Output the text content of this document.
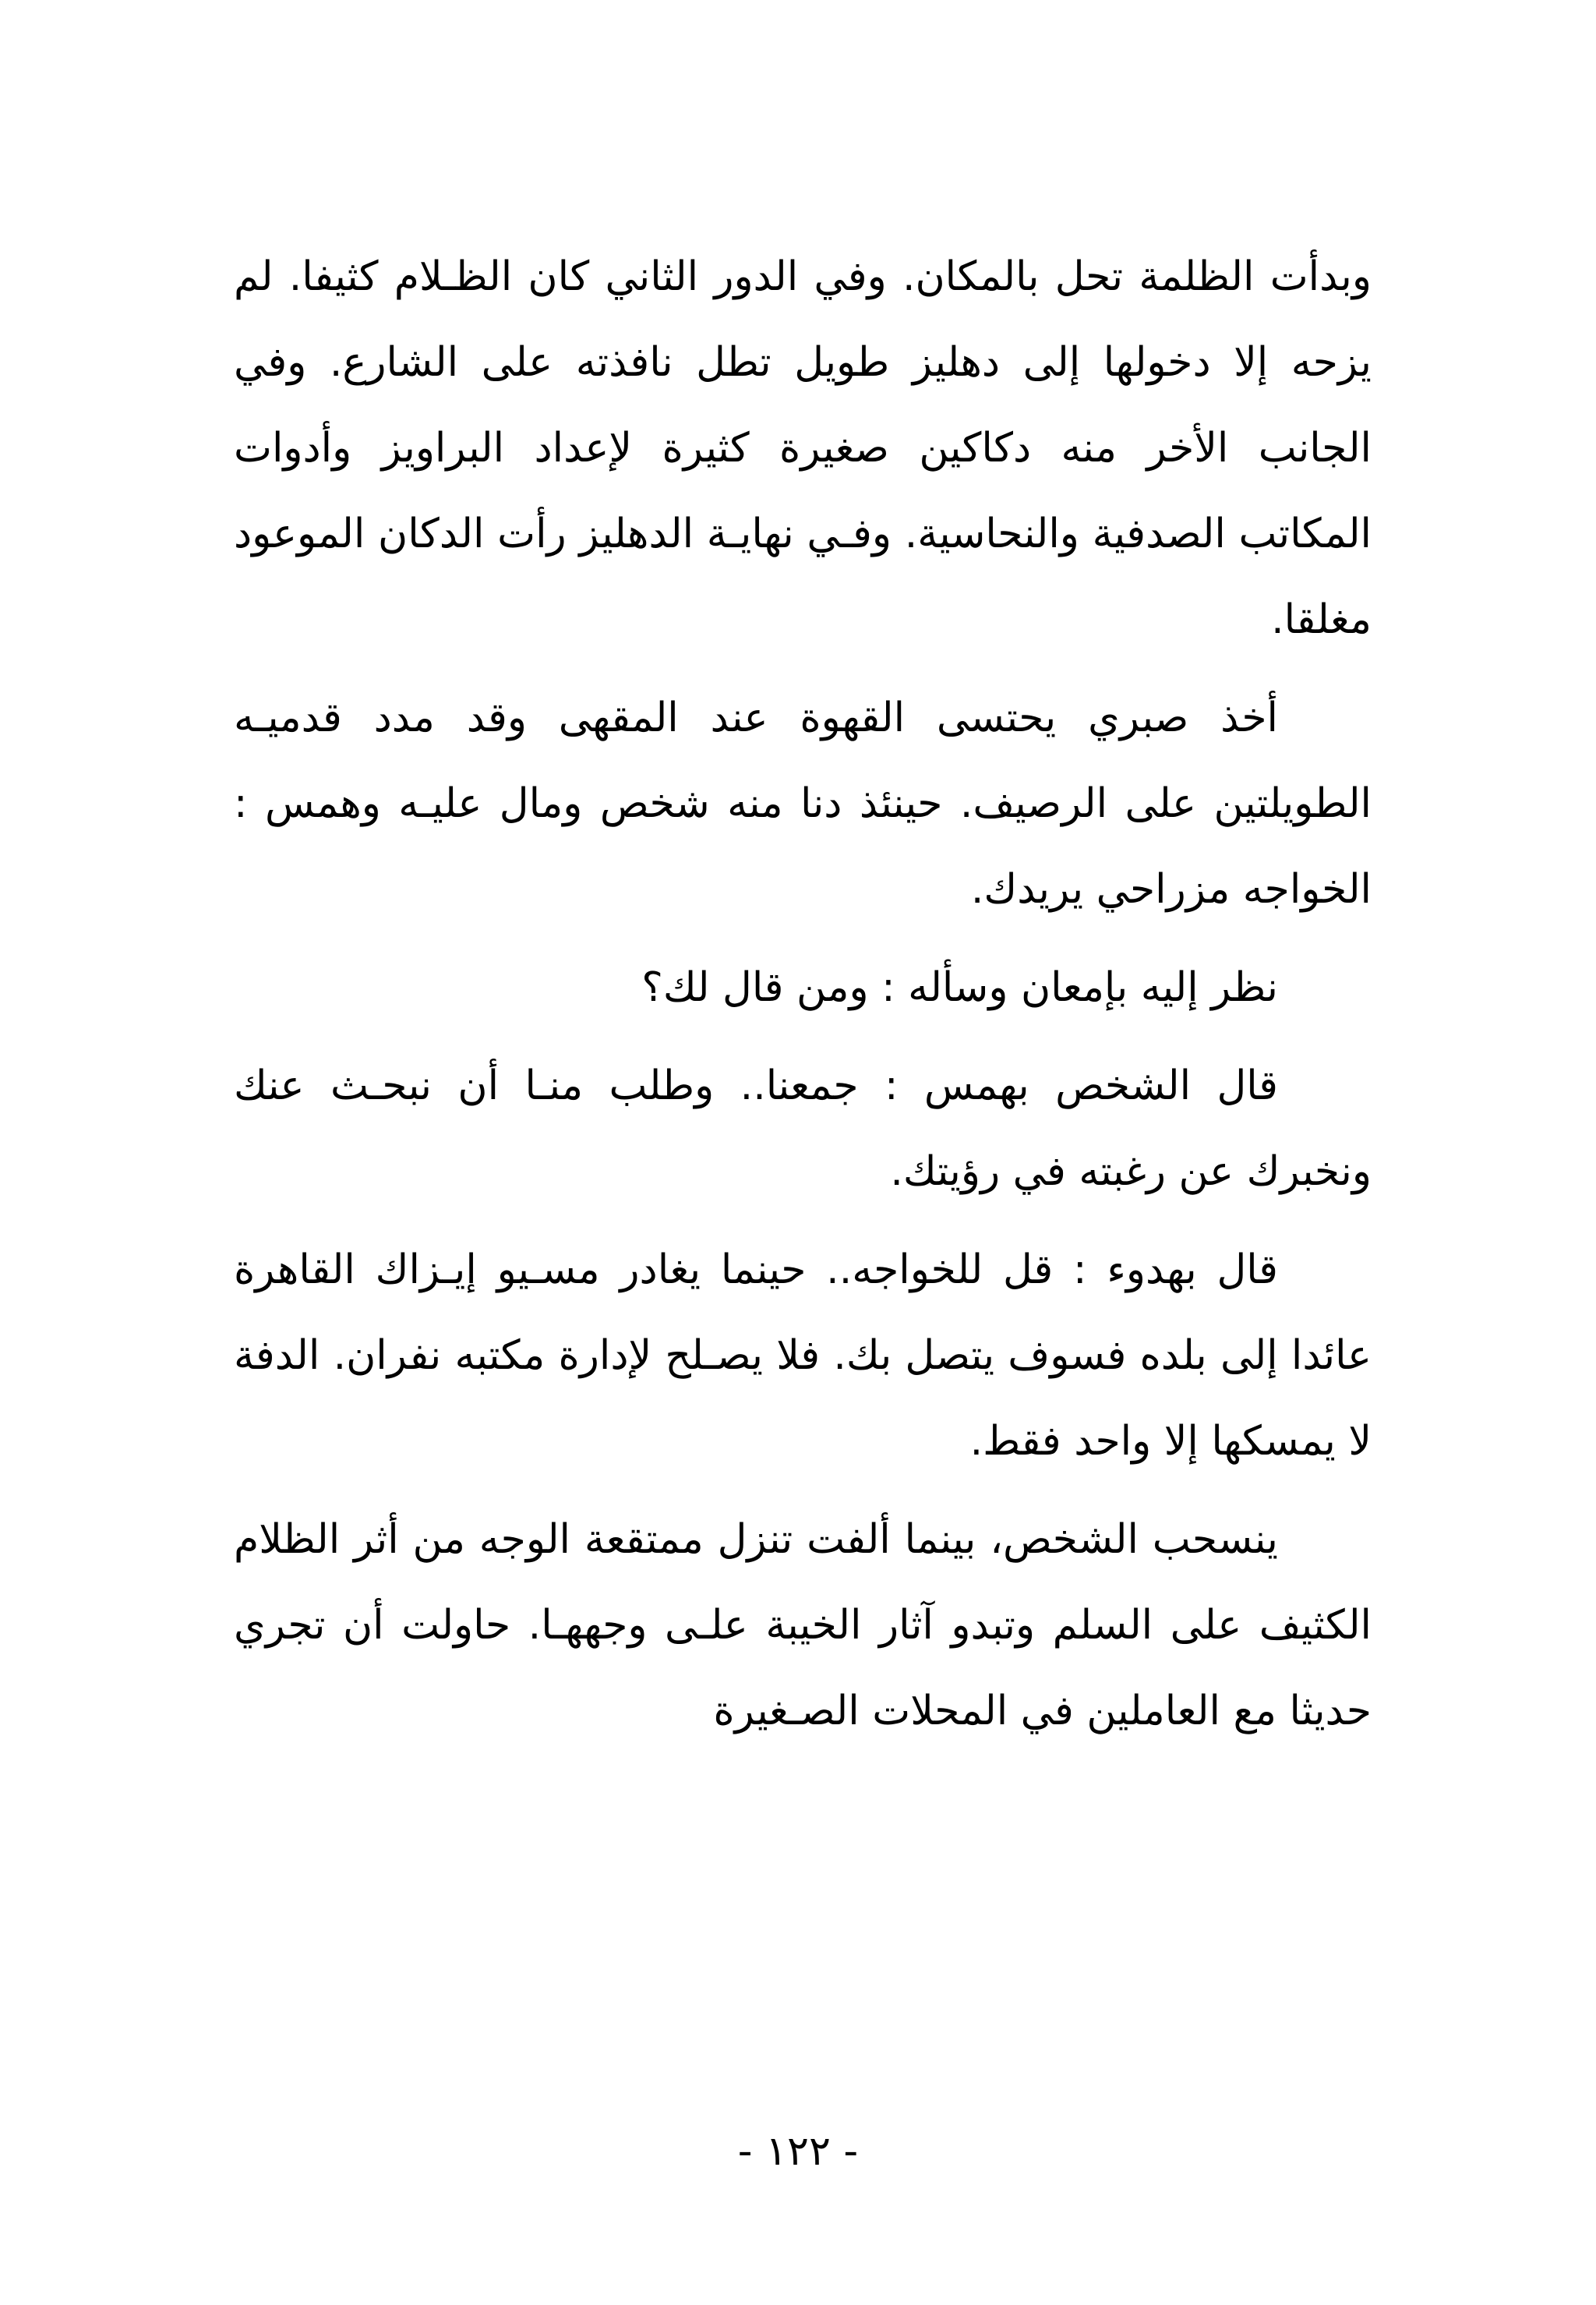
وبدأت الظلمة تحل بالمكان. وفي الدور الثاني كان الظـلام كثيفا. لم يزحه إلا دخولها إلى دهليز طويل تطل نافذته على الشارع. وفي الجانب الأخر منه دكاكين صغيرة كثيرة لإعداد البراويز وأدوات المكاتب الصدفية والنحاسية. وفـي نهايـة الدهليز رأت الدكان الموعود مغلقا.

أخذ صبري يحتسى القهوة عند المقهى وقد مدد قدميـه الطويلتين على الرصيف. حينئذ دنا منه شخص ومال عليـه وهمس : الخواجه مزراحي يريدك.

نظر إليه بإمعان وسأله : ومن قال لك؟

قال الشخص بهمس : جمعنا.. وطلب منـا أن نبحـث عنك ونخبرك عن رغبته في رؤيتك.

قال بهدوء : قل للخواجه.. حينما يغادر مسـيو إيـزاك القاهرة عائدا إلى بلده فسوف يتصل بك. فلا يصـلح لإدارة مكتبه نفران. الدفة لا يمسكها إلا واحد فقط.

ينسحب الشخص، بينما ألفت تنزل ممتقعة الوجه من أثر الظلام الكثيف على السلم وتبدو آثار الخيبة علـى وجههـا. حاولت أن تجري حديثا مع العاملين في المحلات الصـغيرة

- ١٢٢ -
